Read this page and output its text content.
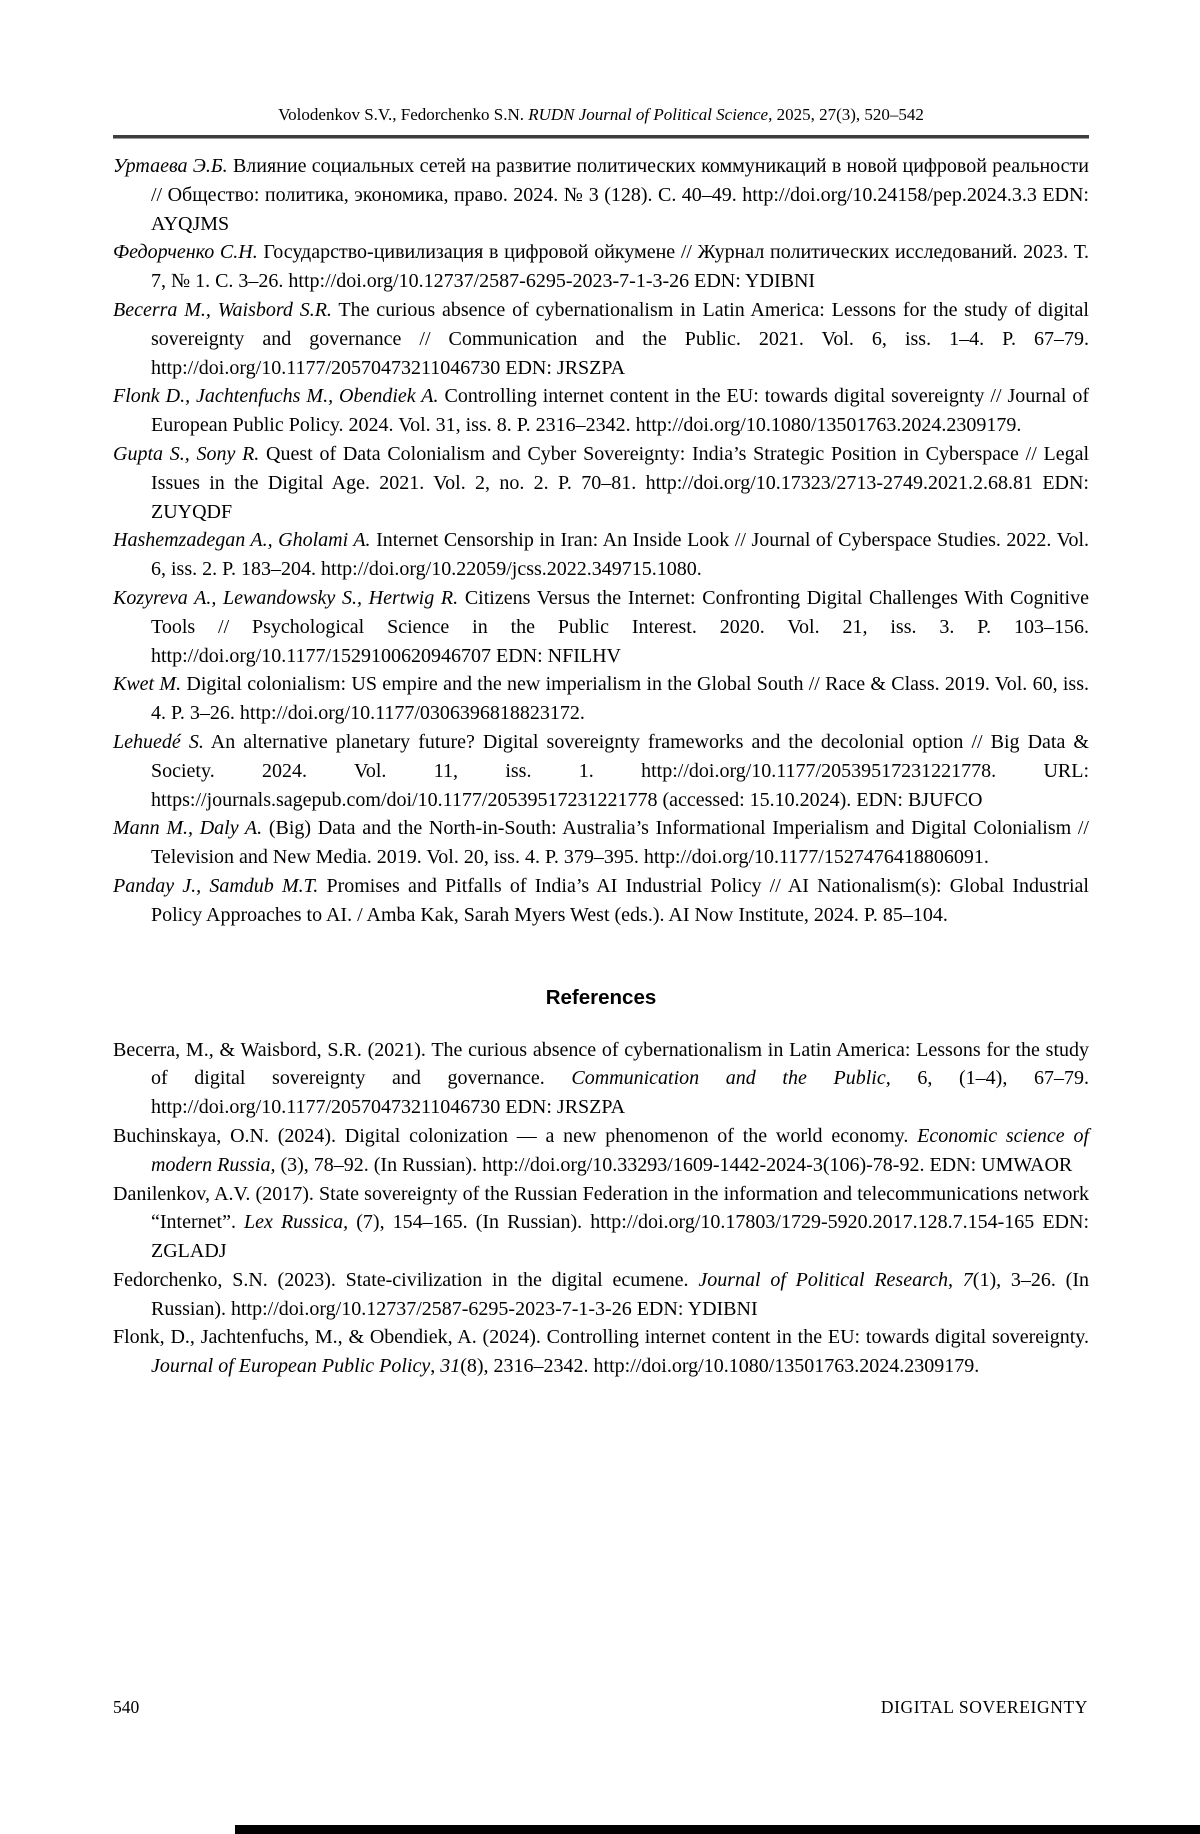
Volodenkov S.V., Fedorchenko S.N. RUDN Journal of Political Science, 2025, 27(3), 520–542

Уртаева Э.Б. Влияние социальных сетей на развитие политических коммуникаций в новой цифровой реальности // Общество: политика, экономика, право. 2024. № 3 (128). С. 40–49. http://doi.org/10.24158/pep.2024.3.3 EDN: AYQJMS

Федорченко С.Н. Государство-цивилизация в цифровой ойкумене // Журнал политических исследований. 2023. Т. 7, № 1. С. 3–26. http://doi.org/10.12737/2587-6295-2023-7-1-3-26 EDN: YDIBNI

Becerra M., Waisbord S.R. The curious absence of cybernationalism in Latin America: Lessons for the study of digital sovereignty and governance // Communication and the Public. 2021. Vol. 6, iss. 1–4. P. 67–79. http://doi.org/10.1177/20570473211046730 EDN: JRSZPA

Flonk D., Jachtenfuchs M., Obendiek A. Controlling internet content in the EU: towards digital sovereignty // Journal of European Public Policy. 2024. Vol. 31, iss. 8. P. 2316–2342. http://doi.org/10.1080/13501763.2024.2309179.

Gupta S., Sony R. Quest of Data Colonialism and Cyber Sovereignty: India’s Strategic Position in Cyberspace // Legal Issues in the Digital Age. 2021. Vol. 2, no. 2. P. 70–81. http://doi.org/10.17323/2713-2749.2021.2.68.81 EDN: ZUYQDF

Hashemzadegan A., Gholami A. Internet Censorship in Iran: An Inside Look // Journal of Cyberspace Studies. 2022. Vol. 6, iss. 2. P. 183–204. http://doi.org/10.22059/jcss.2022.349715.1080.

Kozyreva A., Lewandowsky S., Hertwig R. Citizens Versus the Internet: Confronting Digital Challenges With Cognitive Tools // Psychological Science in the Public Interest. 2020. Vol. 21, iss. 3. P. 103–156. http://doi.org/10.1177/1529100620946707 EDN: NFILHV

Kwet M. Digital colonialism: US empire and the new imperialism in the Global South // Race & Class. 2019. Vol. 60, iss. 4. P. 3–26. http://doi.org/10.1177/0306396818823172.

Lehuedé S. An alternative planetary future? Digital sovereignty frameworks and the decolonial option // Big Data & Society. 2024. Vol. 11, iss. 1. http://doi.org/10.1177/20539517231221778. URL: https://journals.sagepub.com/doi/10.1177/20539517231221778 (accessed: 15.10.2024). EDN: BJUFCO

Mann M., Daly A. (Big) Data and the North-in-South: Australia’s Informational Imperialism and Digital Colonialism // Television and New Media. 2019. Vol. 20, iss. 4. P. 379–395. http://doi.org/10.1177/1527476418806091.

Panday J., Samdub M.T. Promises and Pitfalls of India’s AI Industrial Policy // AI Nationalism(s): Global Industrial Policy Approaches to AI. / Amba Kak, Sarah Myers West (eds.). AI Now Institute, 2024. P. 85–104.

References

Becerra, M., & Waisbord, S.R. (2021). The curious absence of cybernationalism in Latin America: Lessons for the study of digital sovereignty and governance. Communication and the Public, 6, (1–4), 67–79. http://doi.org/10.1177/20570473211046730 EDN: JRSZPA

Buchinskaya, O.N. (2024). Digital colonization — a new phenomenon of the world economy. Economic science of modern Russia, (3), 78–92. (In Russian). http://doi.org/10.33293/1609-1442-2024-3(106)-78-92. EDN: UMWAOR

Danilenkov, A.V. (2017). State sovereignty of the Russian Federation in the information and telecommunications network “Internet”. Lex Russica, (7), 154–165. (In Russian). http://doi.org/10.17803/1729-5920.2017.128.7.154-165 EDN: ZGLADJ

Fedorchenko, S.N. (2023). State-civilization in the digital ecumene. Journal of Political Research, 7(1), 3–26. (In Russian). http://doi.org/10.12737/2587-6295-2023-7-1-3-26 EDN: YDIBNI

Flonk, D., Jachtenfuchs, M., & Obendiek, A. (2024). Controlling internet content in the EU: towards digital sovereignty. Journal of European Public Policy, 31(8), 2316–2342. http://doi.org/10.1080/13501763.2024.2309179.

540	DIGITAL SOVEREIGNTY
